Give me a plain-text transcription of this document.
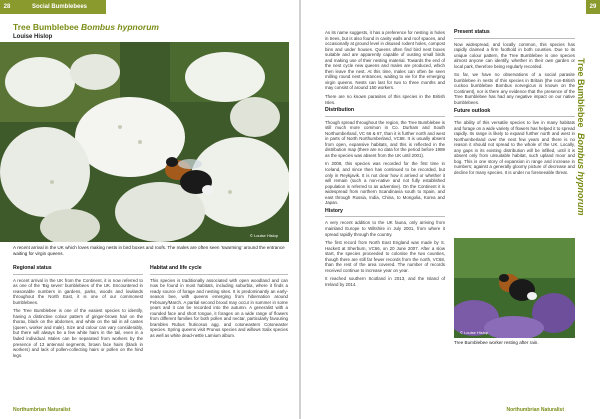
28	Social Bumblebees
Tree Bumblebee Bombus hypnorum
Louise Hislop
© Louise Hislop
A recent arrival in the UK which loves making nests in bird boxes and roofs. The males are often seen ‘swarming’ around the entrance waiting for virgin queens.
Regional status

A recent arrival in the UK from the Continent, it is now referred to as one of the ‘Big seven’ bumblebees of the UK. Encountered in reasonable numbers in gardens, parks, woods and lowlands throughout the North East, it is one of our commonest bumblebees.

The Tree Bumblebee is one of the easiest species to identify, having a distinctive colour pattern of ginger-brown hair on the thorax, black on the abdomen, and white on the tail in all castes (queen, worker and male). Size and colour can vary considerably, but there will always be a few white hairs in the tail, even in a faded individual. Males can be separated from workers by the presence of 13 antennal segments, brown face hairs (black in workers) and lack of pollen-collecting hairs or pollen on the hind legs.

Habitat and life cycle

This species is traditionally associated with open woodland and can now be found in most habitats, including suburbia, where it finds a ready source of forage and nesting sites. It is predominantly an early-season bee, with queens emerging from hibernation around February/March. A partial second brood may occur in summer in some years and it can be recorded into the autumn. A generalist with a rounded face and short tongue, it forages on a wide range of flowers from different families for both pollen and nectar, particularly favouring brambles Rubus fruticosus agg. and cotoneasters Cotoneaster species. Spring queens visit Prunus species and willows Salix species as well as white dead-nettle Lamium album.

Northumbrian Naturalist
29

As its name suggests, it has a preference for nesting in holes in trees, but is also found in cavity walls and roof spaces, and occasionally at ground level in disused rodent holes, compost bins and under houses. Queens often find bird nest boxes suitable and are apparently capable of ousting small birds and making use of their nesting material. Towards the end of the nest cycle new queens and males are produced, which then leave the nest. At this time, males can often be seen milling round nest entrances, waiting to vie for the emerging virgin queens. Nests can last for two to three months and may consist of around 150 workers.

There are no known parasites of this species in the British Isles.

Distribution

Though spread throughout the region, the Tree Bumblebee is still much more common in Co. Durham and South Northumberland, VC 66 & 67, than it is further north and west in parts of North Northumberland, VC68. It is usually absent from open, expansive habitats, and this is reflected in the distribution map (there are no data for the period before 1989 as the species was absent from the UK until 2001).

In 2008, this species was recorded for the first time in Iceland, and since then has continued to be recorded, but only in Reykjavik. It is not clear how it arrived or whether it will remain (such a non-native and not fully established population is referred to as adventive). On the Continent it is widespread from northern Scandinavia south to Spain, and east through Russia, India, China, to Mongolia, Korea and Japan.

History

A very recent addition to the UK fauna, only arriving from mainland Europe to Wiltshire in July 2001, from where it spread rapidly through the country.

The first record from North East England was made by S. Hackett at Sherburn, VC66, on 20 June 2007. After a slow start, the species proceeded to colonise the two counties, though there are still far fewer records from the north, VC68, than the rest of the area covered. The number of records received continue to increase year on year.

It reached southern Scotland in 2013, and the Island of Ireland by 2014.

Present status

Now widespread, and locally common, this species has rapidly claimed a firm foothold in both counties. Due to its unique colour pattern, the Tree Bumblebee is one species almost anyone can identify, whether in their own garden or local park, therefore being regularly recorded.

So far, we have no observations of a social parasite bumblebee in nests of this species in Britain (the non-British cuckoo bumblebee Bombus norvegicus is known on the Continent), nor is there any evidence that the presence of the Tree Bumblebee has had any negative impact on our native bumblebees.

Future outlook

The ability of this versatile species to live in many habitats and forage on a wide variety of flowers has helped it to spread rapidly. Its range is likely to expand further north and west in Northumberland over the next few years and there is no reason it should not spread to the whole of the UK. Locally, any gaps in its existing distribution will be infilled, until it is absent only from unsuitable habitat, such upland moor and bog. This is one story of expansion in range and increase in numbers; against a generally gloomy picture of decrease and decline for many species. It is under no foreseeable threat.

Tree Bumblebee Bombus hypnorum
© Louise Hislop
Tree Bumblebee worker resting after rain.
Northumbrian Naturalist
